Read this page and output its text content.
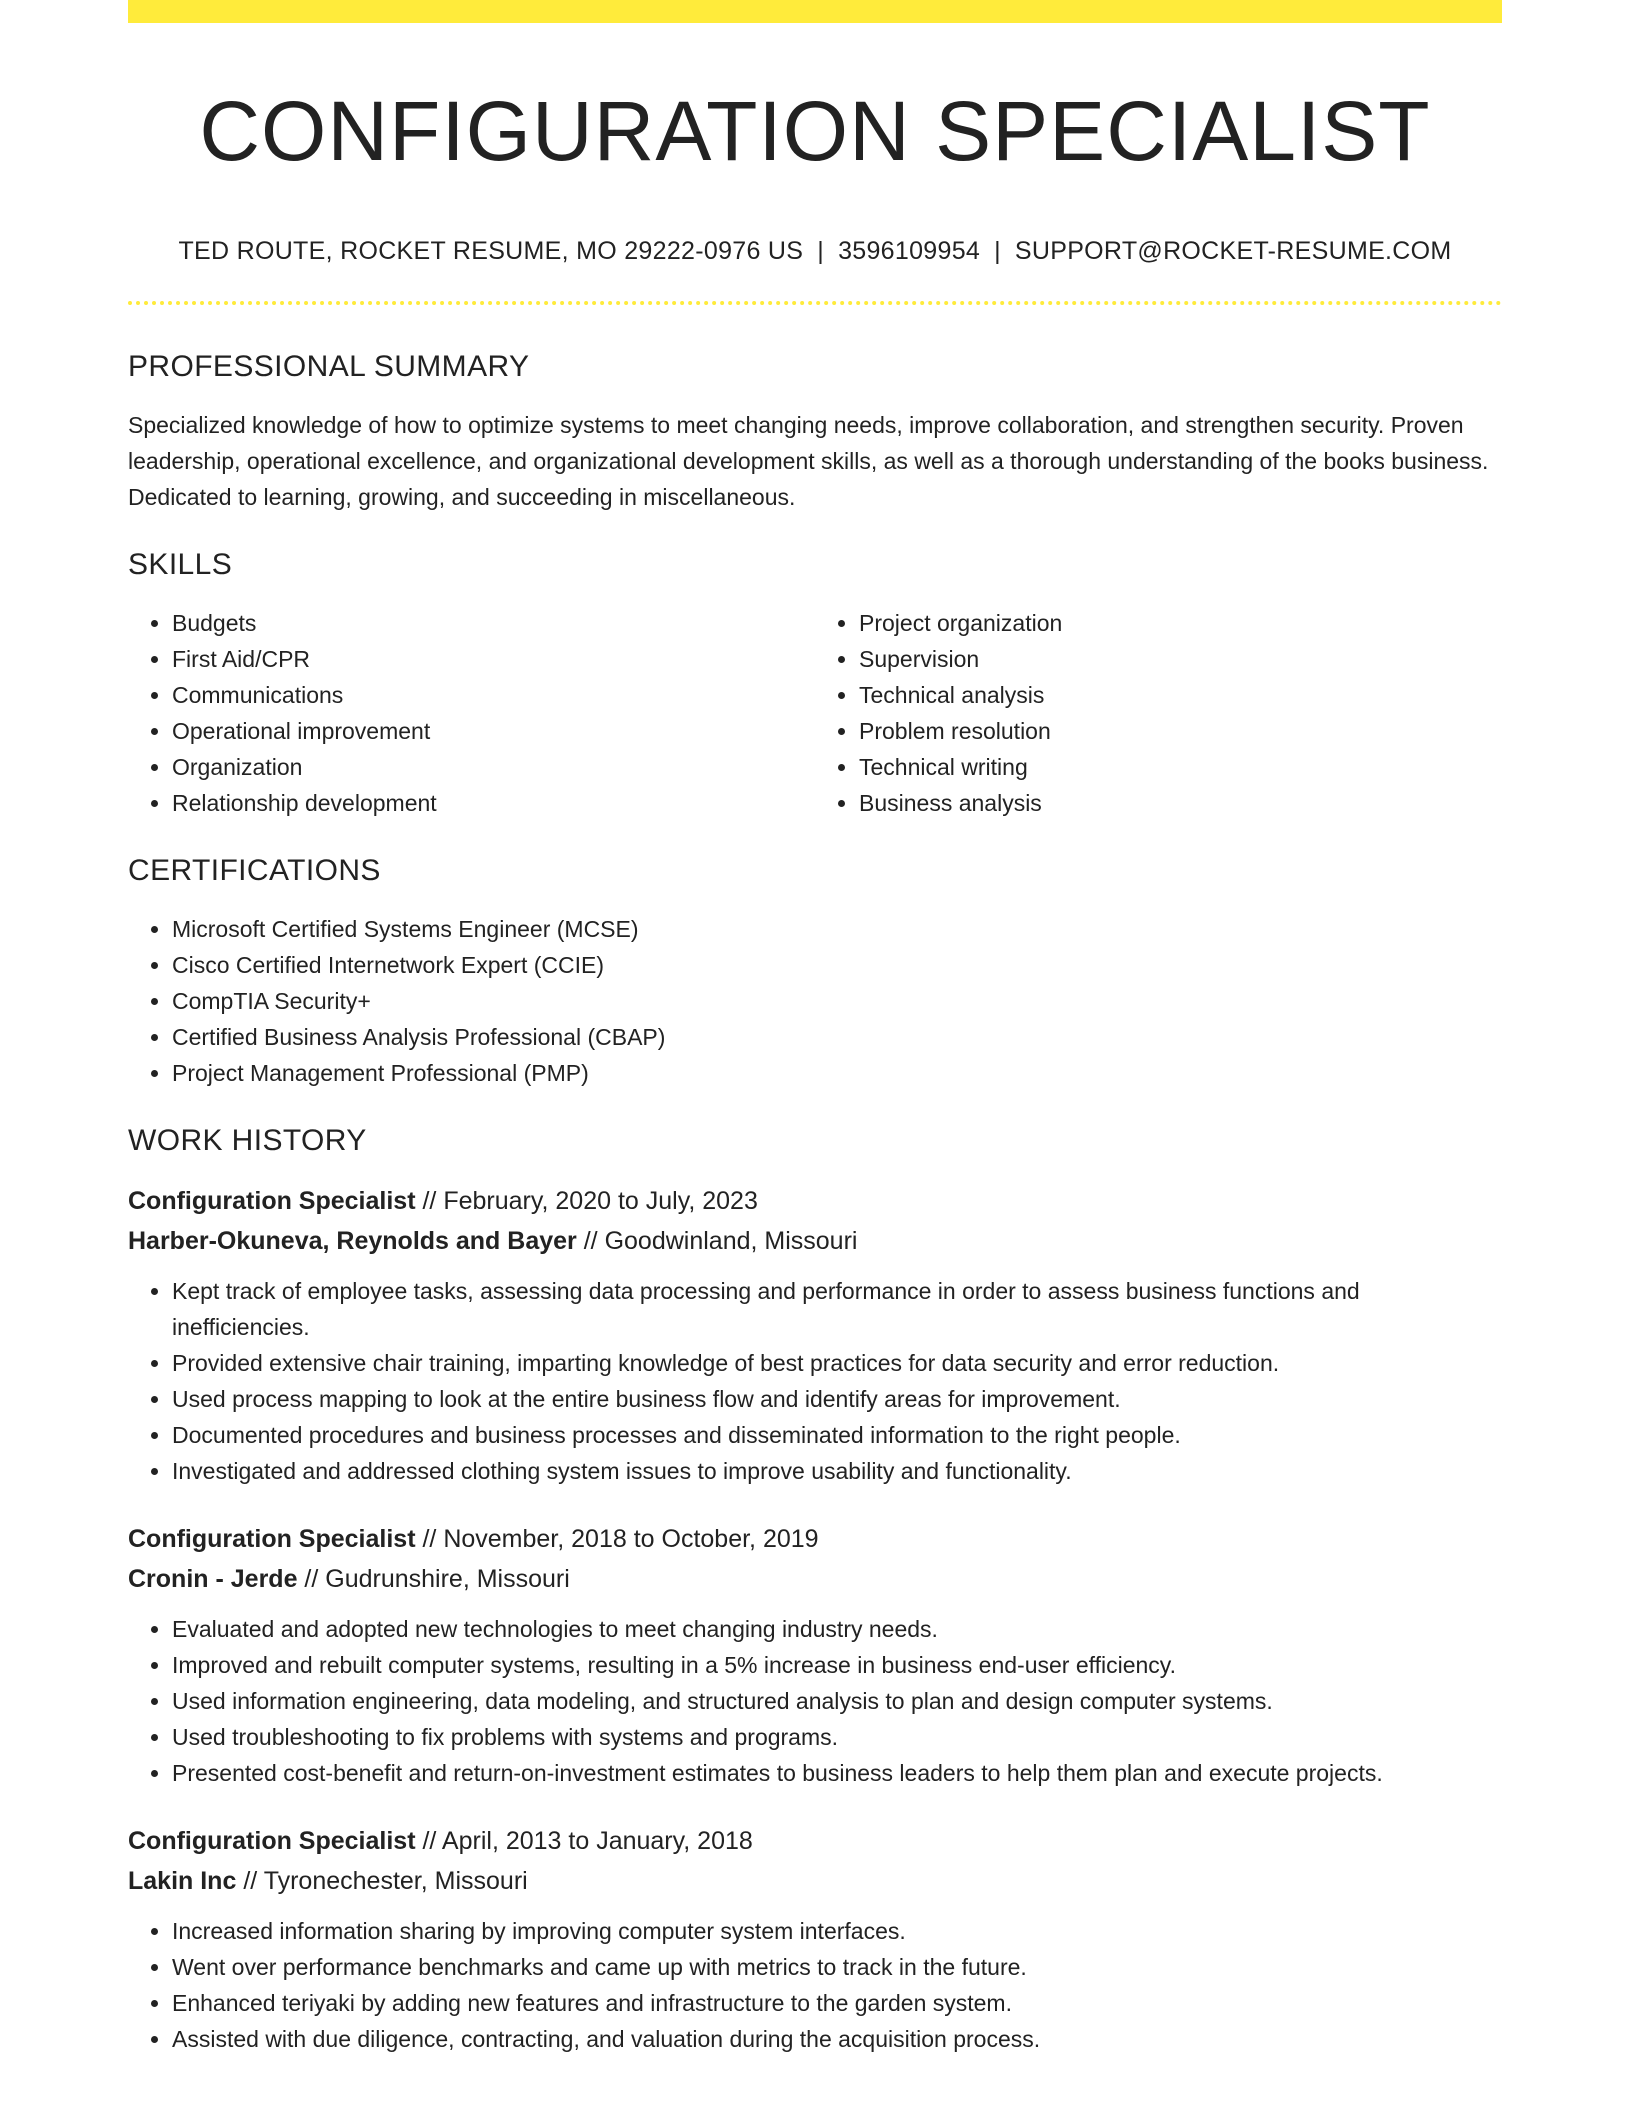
CONFIGURATION SPECIALIST
TED ROUTE, ROCKET RESUME, MO 29222-0976 US | 3596109954 | SUPPORT@ROCKET-RESUME.COM
PROFESSIONAL SUMMARY

Specialized knowledge of how to optimize systems to meet changing needs, improve collaboration, and strengthen security. Proven leadership, operational excellence, and organizational development skills, as well as a thorough understanding of the books business. Dedicated to learning, growing, and succeeding in miscellaneous.

SKILLS
• Budgets
• First Aid/CPR
• Communications
• Operational improvement
• Organization
• Relationship development
• Project organization
• Supervision
• Technical analysis
• Problem resolution
• Technical writing
• Business analysis
CERTIFICATIONS
• Microsoft Certified Systems Engineer (MCSE)
• Cisco Certified Internetwork Expert (CCIE)
• CompTIA Security+
• Certified Business Analysis Professional (CBAP)
• Project Management Professional (PMP)
WORK HISTORY
Configuration Specialist // February, 2020 to July, 2023
Harber-Okuneva, Reynolds and Bayer // Goodwinland, Missouri
• Kept track of employee tasks, assessing data processing and performance in order to assess business functions and inefficiencies.
• Provided extensive chair training, imparting knowledge of best practices for data security and error reduction.
• Used process mapping to look at the entire business flow and identify areas for improvement.
• Documented procedures and business processes and disseminated information to the right people.
• Investigated and addressed clothing system issues to improve usability and functionality.
Configuration Specialist // November, 2018 to October, 2019
Cronin - Jerde // Gudrunshire, Missouri
• Evaluated and adopted new technologies to meet changing industry needs.
• Improved and rebuilt computer systems, resulting in a 5% increase in business end-user efficiency.
• Used information engineering, data modeling, and structured analysis to plan and design computer systems.
• Used troubleshooting to fix problems with systems and programs.
• Presented cost-benefit and return-on-investment estimates to business leaders to help them plan and execute projects.
Configuration Specialist // April, 2013 to January, 2018
Lakin Inc // Tyronechester, Missouri
• Increased information sharing by improving computer system interfaces.
• Went over performance benchmarks and came up with metrics to track in the future.
• Enhanced teriyaki by adding new features and infrastructure to the garden system.
• Assisted with due diligence, contracting, and valuation during the acquisition process.
